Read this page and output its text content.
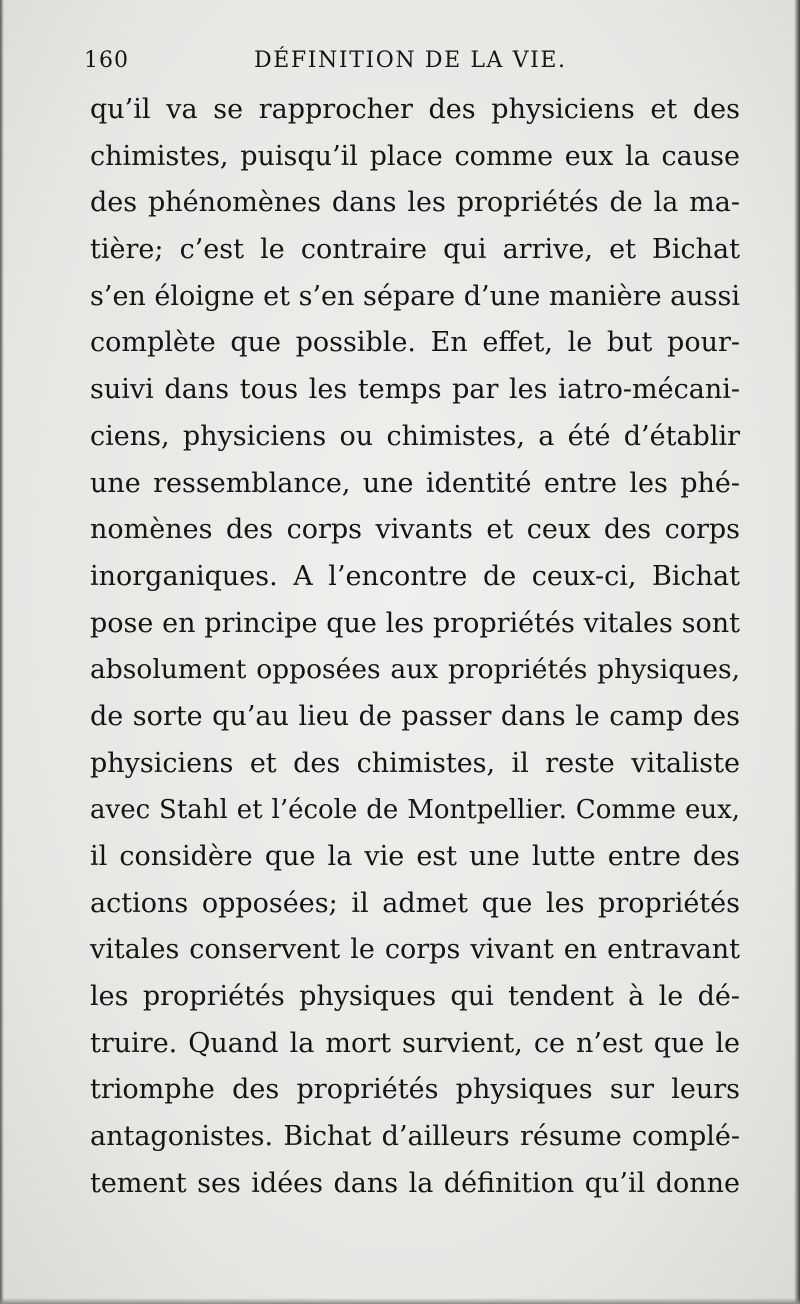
160	DÉFINITION DE LA VIE.
qu’il va se rapprocher des physiciens et des
chimistes, puisqu’il place comme eux la cause
des phénomènes dans les propriétés de la ma-
tière; c’est le contraire qui arrive, et Bichat
s’en éloigne et s’en sépare d’une manière aussi
complète que possible. En effet, le but pour-
suivi dans tous les temps par les iatro-mécani-
ciens, physiciens ou chimistes, a été d’établir
une ressemblance, une identité entre les phé-
nomènes des corps vivants et ceux des corps
inorganiques. A l’encontre de ceux-ci, Bichat
pose en principe que les propriétés vitales sont
absolument opposées aux propriétés physiques,
de sorte qu’au lieu de passer dans le camp des
physiciens et des chimistes, il reste vitaliste
avec Stahl et l’école de Montpellier. Comme eux,
il considère que la vie est une lutte entre des
actions opposées; il admet que les propriétés
vitales conservent le corps vivant en entravant
les propriétés physiques qui tendent à le dé-
truire. Quand la mort survient, ce n’est que le
triomphe des propriétés physiques sur leurs
antagonistes. Bichat d’ailleurs résume complé-
tement ses idées dans la définition qu’il donne
